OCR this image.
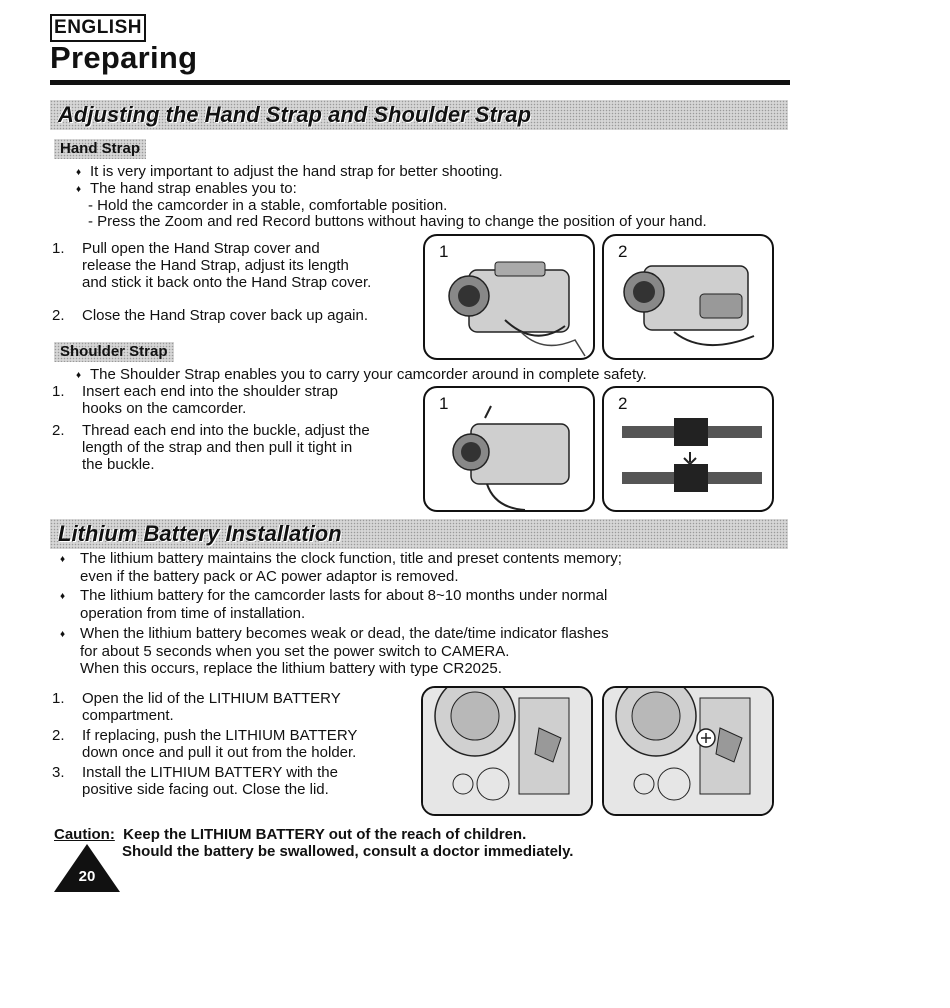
ENGLISH
Preparing
Adjusting the Hand Strap and Shoulder Strap
Hand Strap
♦ It is very important to adjust the hand strap for better shooting.
♦ The hand strap enables you to:
- Hold the camcorder in a stable, comfortable position.
- Press the Zoom and red Record buttons without having to change the position of your hand.
1. Pull open the Hand Strap cover and
release the Hand Strap, adjust its length
and stick it back onto the Hand Strap cover.
2. Close the Hand Strap cover back up again.
1	2
Shoulder Strap
♦ The Shoulder Strap enables you to carry your camcorder around in complete safety.
1. Insert each end into the shoulder strap
hooks on the camcorder.
2. Thread each end into the buckle, adjust the
length of the strap and then pull it tight in
the buckle.
1	2
Lithium Battery Installation
♦The lithium battery maintains the clock function, title and preset contents memory;
even if the battery pack or AC power adaptor is removed.
♦The lithium battery for the camcorder lasts for about 8~10 months under normal
operation from time of installation.
♦When the lithium battery becomes weak or dead, the date/time indicator flashes
for about 5 seconds when you set the power switch to CAMERA.
When this occurs, replace the lithium battery with type CR2025.
1. Open the lid of the LITHIUM BATTERY
compartment.
2. If replacing, push the LITHIUM BATTERY
down once and pull it out from the holder.
3. Install the LITHIUM BATTERY with the
positive side facing out. Close the lid.
Caution: Keep the LITHIUM BATTERY out of the reach of children.
Should the battery be swallowed, consult a doctor immediately.
20
